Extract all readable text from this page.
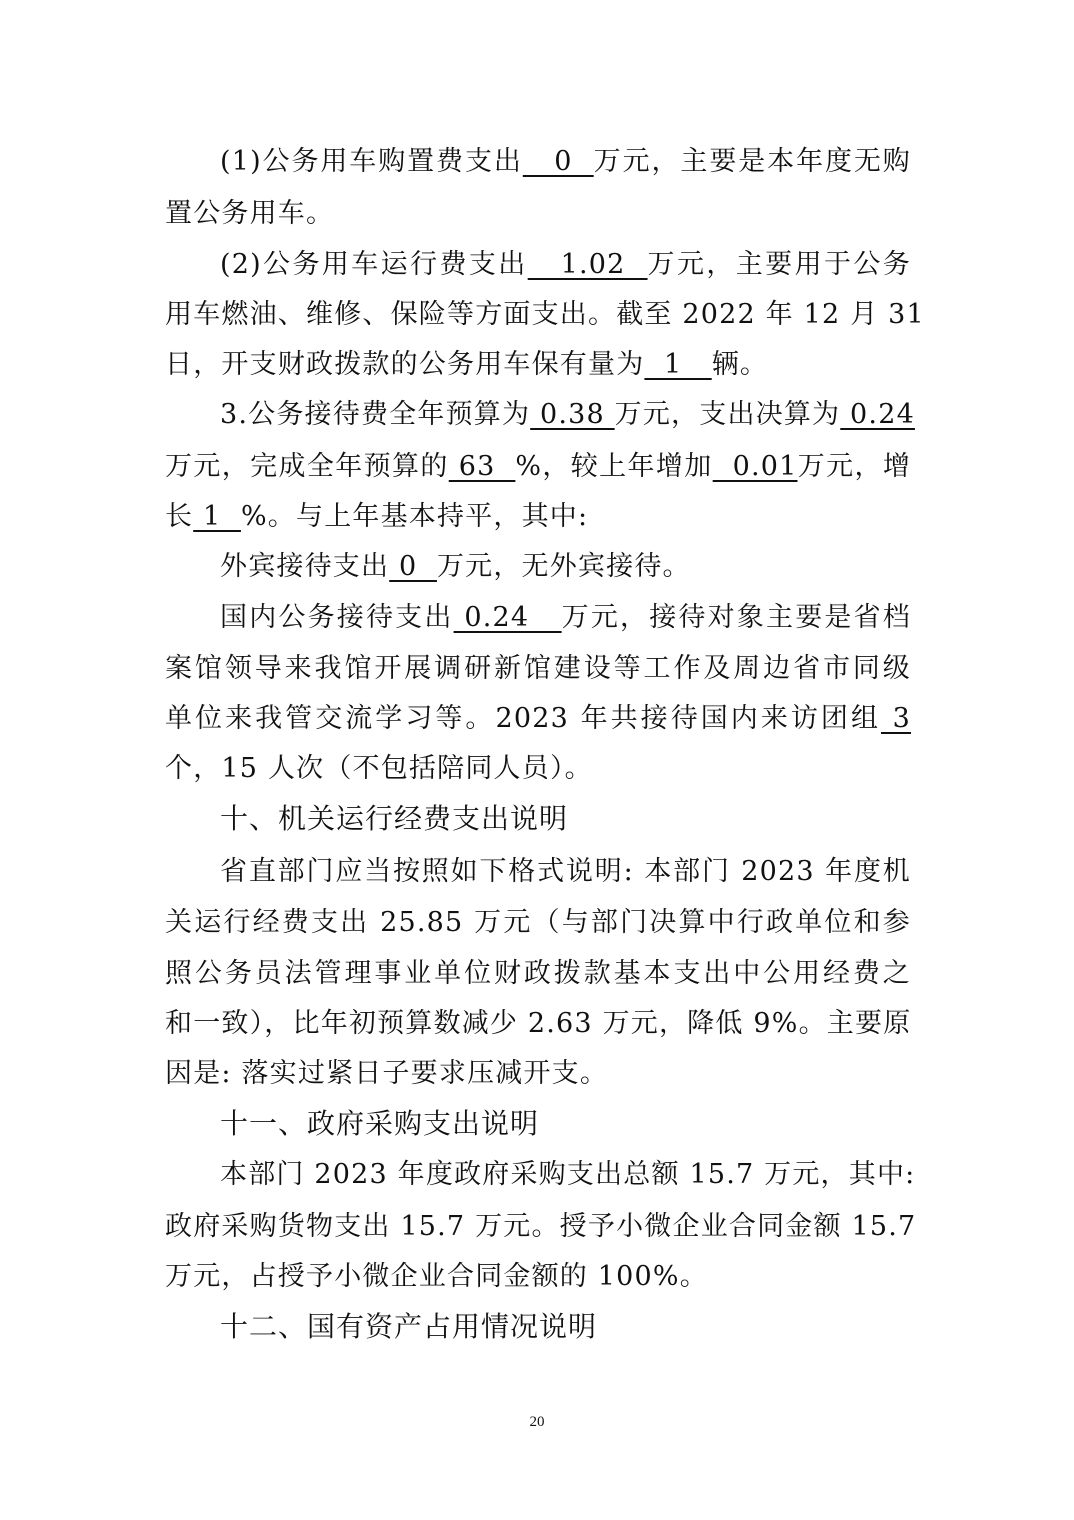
(1)公务用车购置费支出   0  万元，主要是本年度无购
置公务用车。
(2)公务用车运行费支出   1.02  万元，主要用于公务
用车燃油、维修、保险等方面支出。截至 2022 年 12 月 31
日，开支财政拨款的公务用车保有量为  1   辆。
3.公务接待费全年预算为 0.38 万元，支出决算为 0.24
万元，完成全年预算的 63  %，较上年增加  0.01万元，增
长 1  %。与上年基本持平，其中:
外宾接待支出 0  万元，无外宾接待。
国内公务接待支出 0.24   万元，接待对象主要是省档
案馆领导来我馆开展调研新馆建设等工作及周边省市同级
单位来我管交流学习等。2023 年共接待国内来访团组 3
个，15 人次（不包括陪同人员）。
十、机关运行经费支出说明
省直部门应当按照如下格式说明: 本部门 2023 年度机
关运行经费支出 25.85 万元（与部门决算中行政单位和参
照公务员法管理事业单位财政拨款基本支出中公用经费之
和一致），比年初预算数减少 2.63 万元，降低 9%。主要原
因是: 落实过紧日子要求压减开支。
十一、政府采购支出说明
本部门 2023 年度政府采购支出总额 15.7 万元，其中:
政府采购货物支出 15.7 万元。授予小微企业合同金额 15.7
万元，占授予小微企业合同金额的 100%。
十二、国有资产占用情况说明
20
